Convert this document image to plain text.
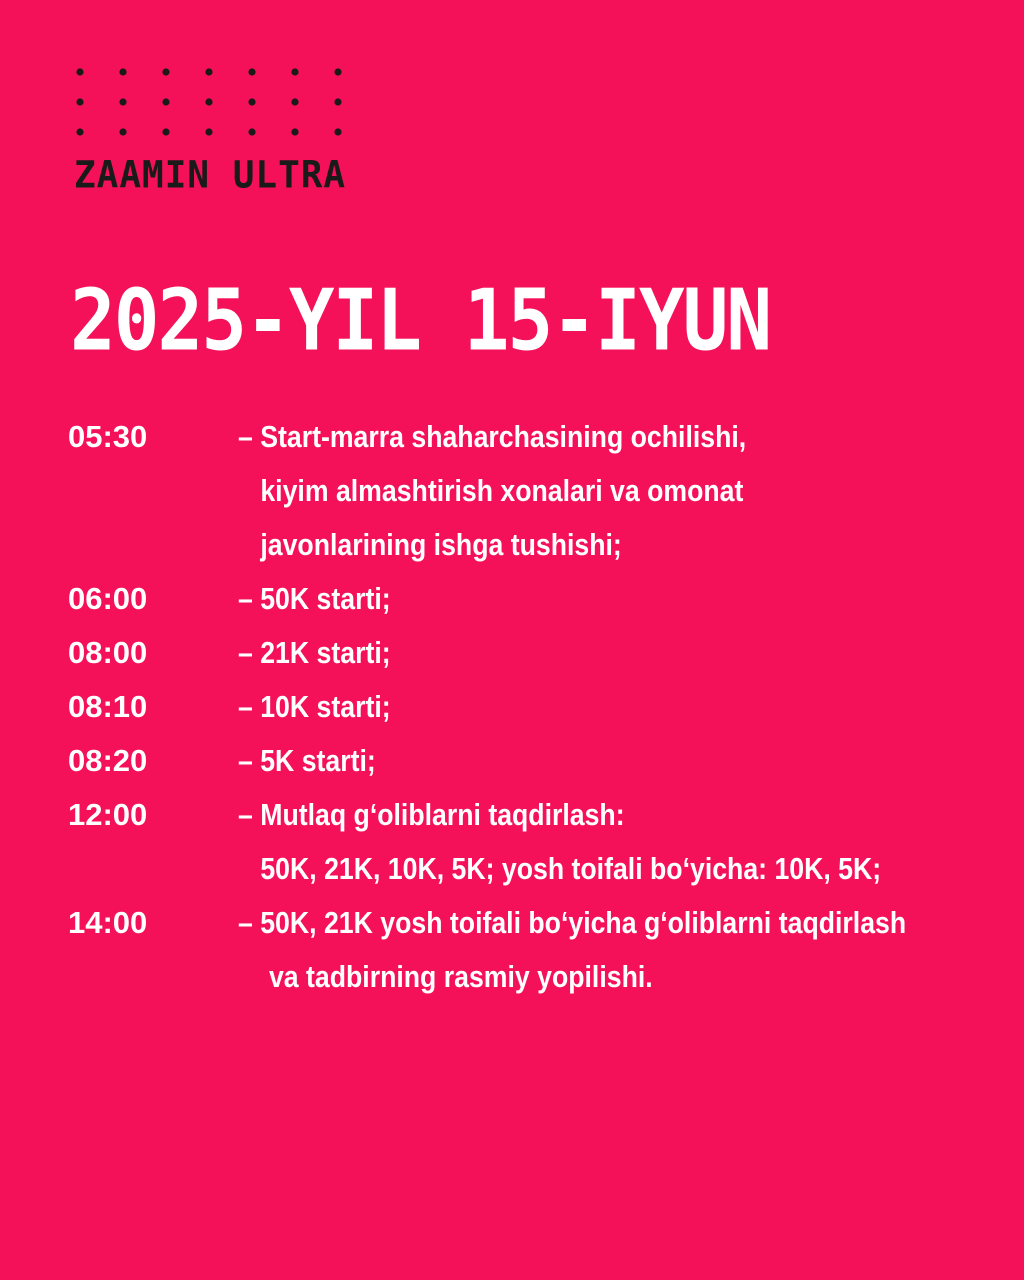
ZAAMIN ULTRA
2025-YIL 15-IYUN
05:30	– Start-marra shaharchasining ochilishi,
kiyim almashtirish xonalari va omonat
javonlarining ishga tushishi;
06:00	– 50K starti;
08:00	– 21K starti;
08:10	– 10K starti;
08:20	– 5K starti;
12:00	– Mutlaq g‘oliblarni taqdirlash:
50K, 21K, 10K, 5K; yosh toifali bo‘yicha: 10K, 5K;
14:00	– 50K, 21K yosh toifali bo‘yicha g‘oliblarni taqdirlash
va tadbirning rasmiy yopilishi.
